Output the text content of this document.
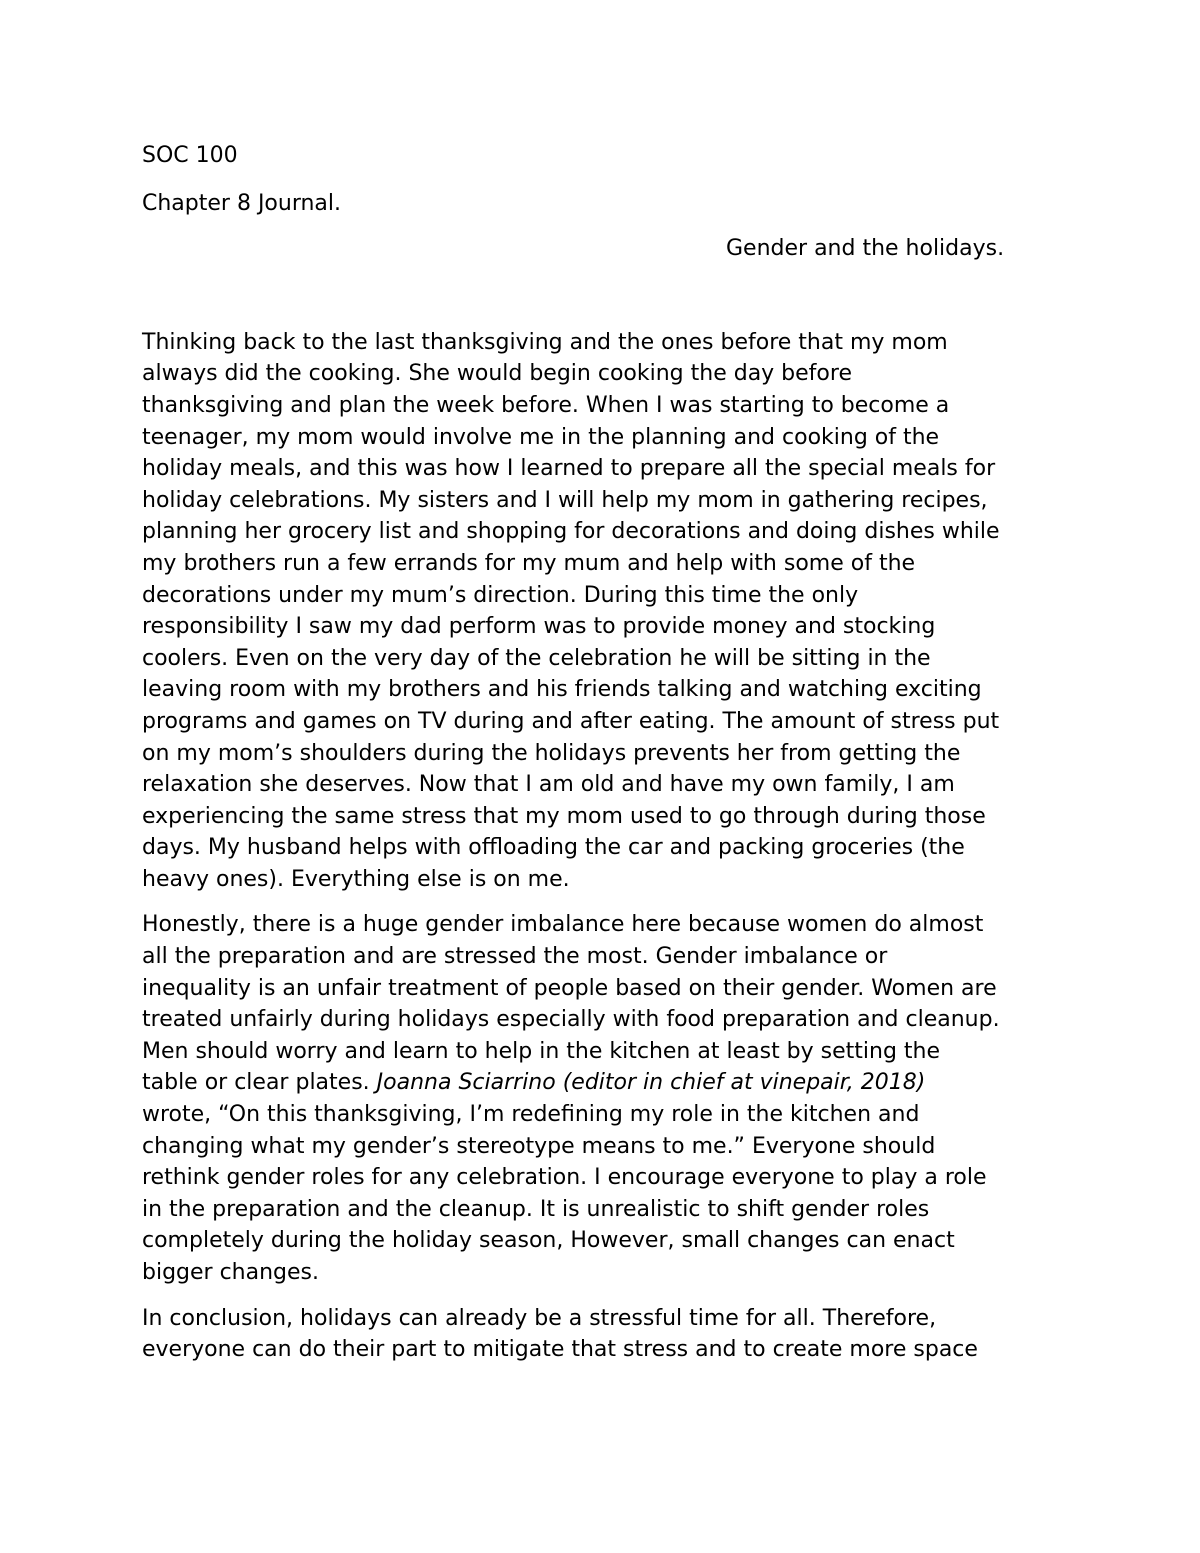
SOC 100

Chapter 8 Journal.

Gender and the holidays.

Thinking back to the last thanksgiving and the ones before that my mom
always did the cooking. She would begin cooking the day before
thanksgiving and plan the week before. When I was starting to become a
teenager, my mom would involve me in the planning and cooking of the
holiday meals, and this was how I learned to prepare all the special meals for
holiday celebrations. My sisters and I will help my mom in gathering recipes,
planning her grocery list and shopping for decorations and doing dishes while
my brothers run a few errands for my mum and help with some of the
decorations under my mum’s direction. During this time the only
responsibility I saw my dad perform was to provide money and stocking
coolers. Even on the very day of the celebration he will be sitting in the
leaving room with my brothers and his friends talking and watching exciting
programs and games on TV during and after eating. The amount of stress put
on my mom’s shoulders during the holidays prevents her from getting the
relaxation she deserves. Now that I am old and have my own family, I am
experiencing the same stress that my mom used to go through during those
days. My husband helps with offloading the car and packing groceries (the
heavy ones). Everything else is on me.

Honestly, there is a huge gender imbalance here because women do almost
all the preparation and are stressed the most. Gender imbalance or
inequality is an unfair treatment of people based on their gender. Women are
treated unfairly during holidays especially with food preparation and cleanup.
Men should worry and learn to help in the kitchen at least by setting the
table or clear plates. Joanna Sciarrino (editor in chief at vinepair, 2018)
wrote, “On this thanksgiving, I’m redefining my role in the kitchen and
changing what my gender’s stereotype means to me.” Everyone should
rethink gender roles for any celebration. I encourage everyone to play a role
in the preparation and the cleanup. It is unrealistic to shift gender roles
completely during the holiday season, However, small changes can enact
bigger changes.

In conclusion, holidays can already be a stressful time for all. Therefore,
everyone can do their part to mitigate that stress and to create more space
